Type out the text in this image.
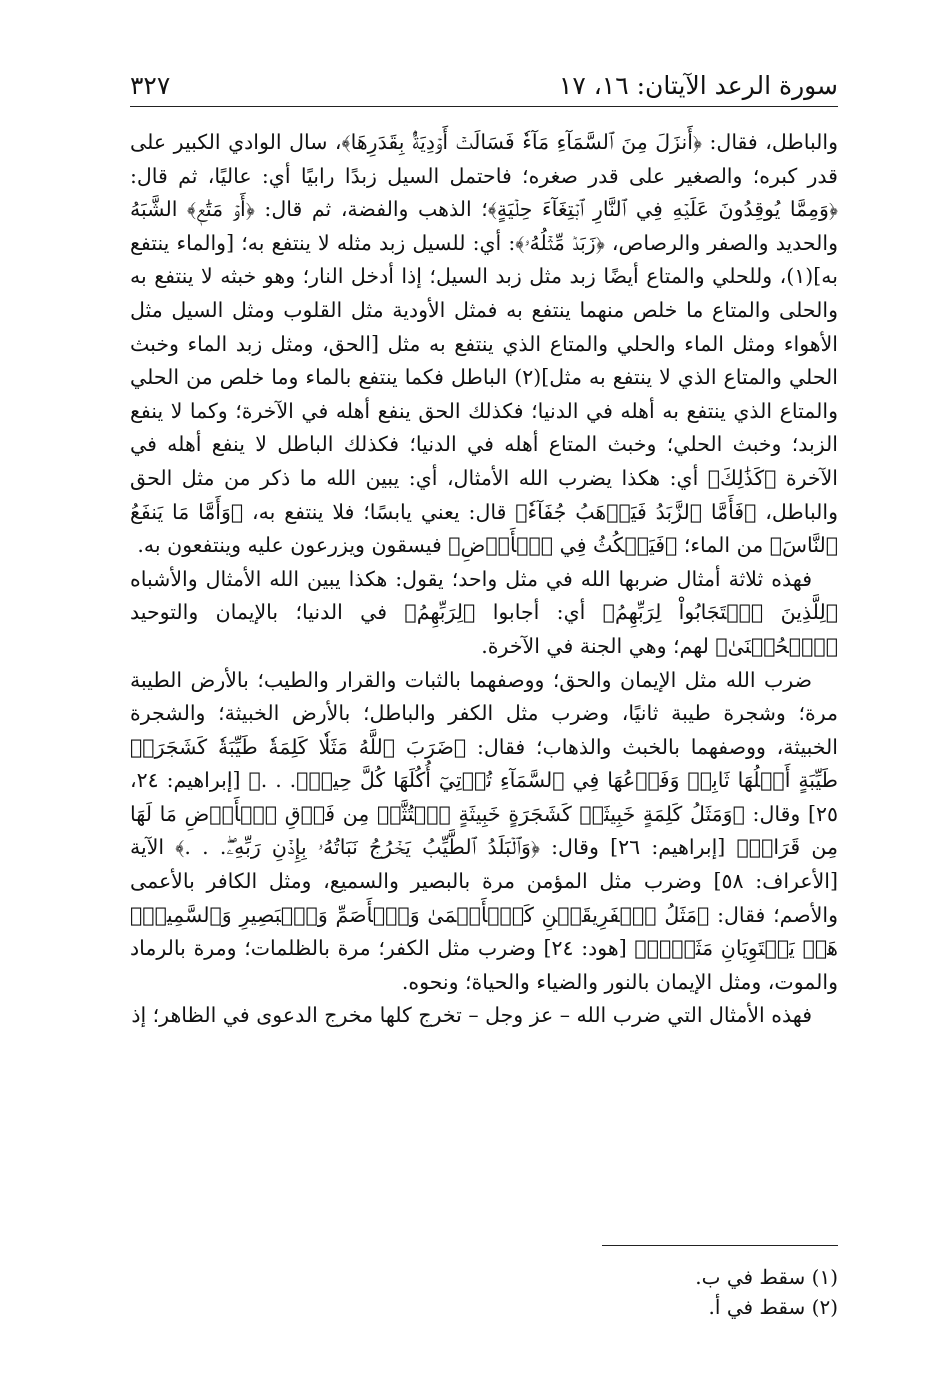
سورة الرعد الآيتان: ١٦، ١٧
٣٢٧

والباطل، فقال: ﴿أَنزَلَ مِنَ ٱلسَّمَآءِ مَآءٗ فَسَالَتۡ أَوۡدِيَةُۢ بِقَدَرِهَا﴾، سال الوادي الكبير على قدر كبره؛ والصغير على قدر صغره؛ فاحتمل السيل زبدًا رابيًا أي: عاليًا، ثم قال: ﴿وَمِمَّا يُوقِدُونَ عَلَيۡهِ فِي ٱلنَّارِ ٱبۡتِغَآءَ حِلۡيَةٍ﴾؛ الذهب والفضة، ثم قال: ﴿أَوۡ مَتَٰعٖ﴾ الشَّبَهُ والحديد والصفر والرصاص، ﴿زَبَدٞ مِّثۡلُهُۥ﴾: أي: للسيل زبد مثله لا ينتفع به؛ [والماء ينتفع به](١)، وللحلي والمتاع أيضًا زبد مثل زبد السيل؛ إذا أدخل النار؛ وهو خبثه لا ينتفع به والحلى والمتاع ما خلص منهما ينتفع به فمثل الأودية مثل القلوب ومثل السيل مثل الأهواء ومثل الماء والحلي والمتاع الذي ينتفع به مثل [الحق، ومثل زبد الماء وخبث الحلي والمتاع الذي لا ينتفع به مثل](٢) الباطل فكما ينتفع بالماء وما خلص من الحلي والمتاع الذي ينتفع به أهله في الدنيا؛ فكذلك الحق ينفع أهله في الآخرة؛ وكما لا ينفع الزبد؛ وخبث الحلي؛ وخبث المتاع أهله في الدنيا؛ فكذلك الباطل لا ينفع أهله في الآخرة ﴿كَذَٰلِكَ﴾ أي: هكذا يضرب الله الأمثال، أي: يبين الله ما ذكر من مثل الحق والباطل، ﴿فَأَمَّا ٱلزَّبَدُ فَيَذۡهَبُ جُفَآءٗ﴾ قال: يعني يابسًا؛ فلا ينتفع به، ﴿وَأَمَّا مَا يَنفَعُ ٱلنَّاسَ﴾ من الماء؛ ﴿فَيَمۡكُثُ فِي ٱلۡأَرۡضِ﴾ فيسقون ويزرعون عليه وينتفعون به.

فهذه ثلاثة أمثال ضربها الله في مثل واحد؛ يقول: هكذا يبين الله الأمثال والأشباه ﴿لِلَّذِينَ ٱسۡتَجَابُواْ لِرَبِّهِمُ﴾ أي: أجابوا ﴿لِرَبِّهِمُ﴾ في الدنيا؛ بالإيمان والتوحيد ﴿ٱلۡحُسۡنَىٰ﴾ لهم؛ وهي الجنة في الآخرة.

ضرب الله مثل الإيمان والحق؛ ووصفهما بالثبات والقرار والطيب؛ بالأرض الطيبة مرة؛ وشجرة طيبة ثانيًا، وضرب مثل الكفر والباطل؛ بالأرض الخبيثة؛ والشجرة الخبيثة، ووصفهما بالخبث والذهاب؛ فقال: ﴿ضَرَبَ ٱللَّهُ مَثَلٗا كَلِمَةٗ طَيِّبَةٗ كَشَجَرَةٖ طَيِّبَةٍ أَصۡلُهَا ثَابِتٞ وَفَرۡعُهَا فِي ٱلسَّمَآءِ تُؤۡتِيٓ أُكُلَهَا كُلَّ حِينِۭ. . .﴾ [إبراهيم: ٢٤، ٢٥] وقال: ﴿وَمَثَلُ كَلِمَةٍ خَبِيثَةٖ كَشَجَرَةٍ خَبِيثَةٍ ٱجۡتُثَّتۡ مِن فَوۡقِ ٱلۡأَرۡضِ مَا لَهَا مِن قَرَارٖ﴾ [إبراهيم: ٢٦] وقال: ﴿وَٱلۡبَلَدُ ٱلطَّيِّبُ يَخۡرُجُ نَبَاتُهُۥ بِإِذۡنِ رَبِّهِۦۖ. . .﴾ الآية [الأعراف: ٥٨] وضرب مثل المؤمن مرة بالبصير والسميع، ومثل الكافر بالأعمى والأصم؛ فقال: ﴿مَثَلُ ٱلۡفَرِيقَيۡنِ كَٱلۡأَعۡمَىٰ وَٱلۡأَصَمِّ وَٱلۡبَصِيرِ وَٱلسَّمِيعِۚ هَلۡ يَسۡتَوِيَانِ مَثَلًاۚ﴾ [هود: ٢٤] وضرب مثل الكفر؛ مرة بالظلمات؛ ومرة بالرماد والموت، ومثل الإيمان بالنور والضياء والحياة؛ ونحوه.

فهذه الأمثال التي ضرب الله – عز وجل – تخرج كلها مخرج الدعوى في الظاهر؛ إذ

(١) سقط في ب.
(٢) سقط في أ.
